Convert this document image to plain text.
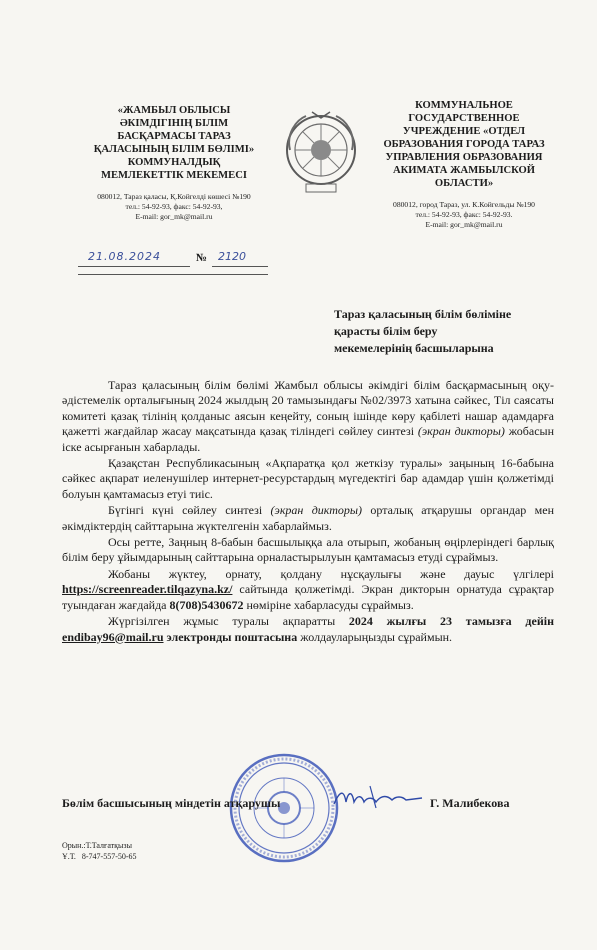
«ЖАМБЫЛ ОБЛЫСЫ
ӘКІМДІГІНІҢ БІЛІМ
БАСҚАРМАСЫ ТАРАЗ
ҚАЛАСЫНЫҢ БІЛІМ БӨЛІМІ»
КОММУНАЛДЫҚ
МЕМЛЕКЕТТІК МЕКЕМЕСІ
080012, Тараз қаласы, Қ.Койгелді көшесі №190
тел.: 54-92-93, факс: 54-92-93,
E-mail: gor_mk@mail.ru
КОММУНАЛЬНОЕ
ГОСУДАРСТВЕННОЕ
УЧРЕЖДЕНИЕ «ОТДЕЛ
ОБРАЗОВАНИЯ ГОРОДА ТАРАЗ
УПРАВЛЕНИЯ ОБРАЗОВАНИЯ
АКИМАТА ЖАМБЫЛСКОЙ
ОБЛАСТИ»
080012, город Тараз, ул. К.Койгельды №190
тел.: 54-92-93, факс: 54-92-93.
E-mail: gor_mk@mail.ru
21.08.2024	№ 2120
Тараз қаласының білім бөліміне
қарасты білім беру
мекемелерінің басшыларына

Тараз қаласының білім бөлімі Жамбыл облысы әкімдігі білім басқармасының оқу-әдістемелік орталығының 2024 жылдың 20 тамызындағы №02/3973 хатына сәйкес, Тіл саясаты комитеті қазақ тілінің қолданыс аясын кеңейту, соның ішінде көру қабілеті нашар адамдарға қажетті жағдайлар жасау мақсатында қазақ тіліндегі сөйлеу синтезі (экран дикторы) жобасын іске асырғанын хабарлады.

Қазақстан Республикасының «Ақпаратқа қол жеткізу туралы» заңының 16-бабына сәйкес ақпарат иеленушілер интернет-ресурстардың мүгедектігі бар адамдар үшін қолжетімді болуын қамтамасыз етуі тиіс.

Бүгінгі күні сөйлеу синтезі (экран дикторы) орталық атқарушы органдар мен әкімдіктердің сайттарына жүктелгенін хабарлаймыз.

Осы ретте, Заңның 8-бабын басшылыққа ала отырып, жобаның өңірлеріндегі барлық білім беру ұйымдарының сайттарына орналастырылуын қамтамасыз етуді сұраймыз.

Жобаны жүктеу, орнату, қолдану нұсқаулығы және дауыс үлгілері https://screenreader.tilqazyna.kz/ сайтында қолжетімді. Экран дикторын орнатуда сұрақтар туындаған жағдайда 8(708)5430672 нөміріне хабарласуды сұраймыз.

Жүргізілген жұмыс туралы ақпаратты 2024 жылғы 23 тамызға дейін endibay96@mail.ru электронды поштасына жолдауларыңызды сұраймын.

Бөлім басшысының міндетін атқарушы	Г. Малибекова
Орын.:Т.Талғатқызы
Ұ.Т. 8-747-557-50-65
